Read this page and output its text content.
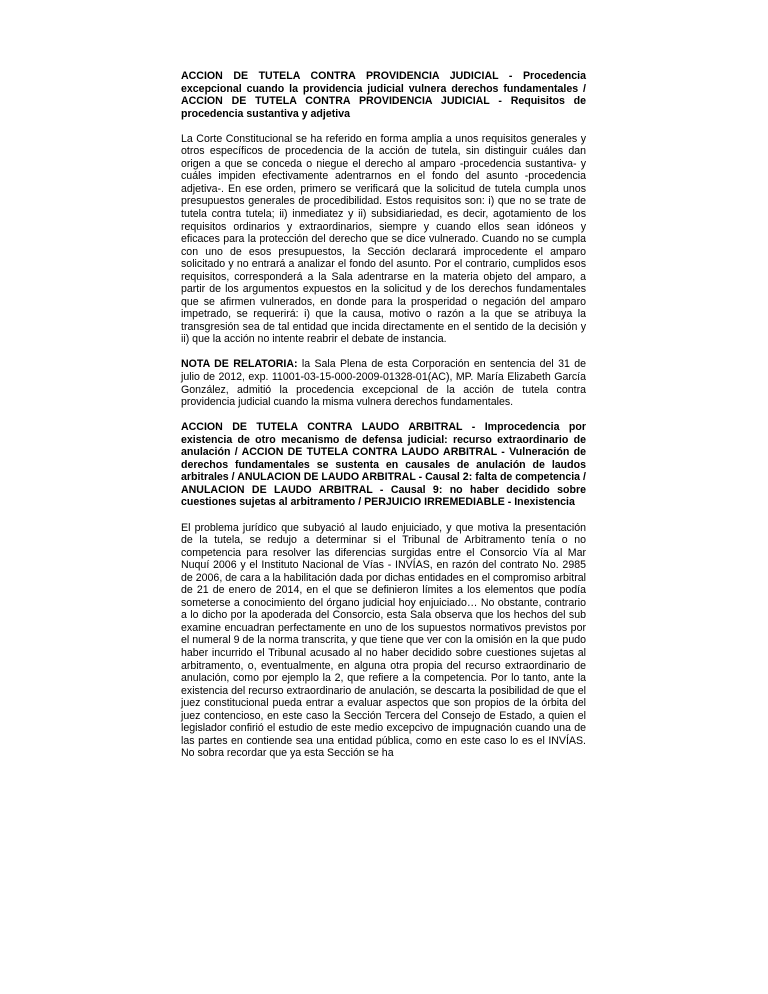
ACCION DE TUTELA CONTRA PROVIDENCIA JUDICIAL - Procedencia excepcional cuando la providencia judicial vulnera derechos fundamentales / ACCION DE TUTELA CONTRA PROVIDENCIA JUDICIAL - Requisitos de procedencia sustantiva y adjetiva

La Corte Constitucional se ha referido en forma amplia a unos requisitos generales y otros específicos de procedencia de la acción de tutela, sin distinguir cuáles dan origen a que se conceda o niegue el derecho al amparo -procedencia sustantiva- y cuáles impiden efectivamente adentrarnos en el fondo del asunto -procedencia adjetiva-. En ese orden, primero se verificará que la solicitud de tutela cumpla unos presupuestos generales de procedibilidad. Estos requisitos son: i) que no se trate de tutela contra tutela; ii) inmediatez y ii) subsidiariedad, es decir, agotamiento de los requisitos ordinarios y extraordinarios, siempre y cuando ellos sean idóneos y eficaces para la protección del derecho que se dice vulnerado. Cuando no se cumpla con uno de esos presupuestos, la Sección declarará improcedente el amparo solicitado y no entrará a analizar el fondo del asunto. Por el contrario, cumplidos esos requisitos, corresponderá a la Sala adentrarse en la materia objeto del amparo, a partir de los argumentos expuestos en la solicitud y de los derechos fundamentales que se afirmen vulnerados, en donde para la prosperidad o negación del amparo impetrado, se requerirá: i) que la causa, motivo o razón a la que se atribuya la transgresión sea de tal entidad que incida directamente en el sentido de la decisión y ii) que la acción no intente reabrir el debate de instancia.

NOTA DE RELATORIA: la Sala Plena de esta Corporación en sentencia del 31 de julio de 2012, exp. 11001-03-15-000-2009-01328-01(AC), MP. María Elizabeth García González, admitió la procedencia excepcional de la acción de tutela contra providencia judicial cuando la misma vulnera derechos fundamentales.

ACCION DE TUTELA CONTRA LAUDO ARBITRAL - Improcedencia por existencia de otro mecanismo de defensa judicial: recurso extraordinario de anulación / ACCION DE TUTELA CONTRA LAUDO ARBITRAL - Vulneración de derechos fundamentales se sustenta en causales de anulación de laudos arbitrales / ANULACION DE LAUDO ARBITRAL - Causal 2: falta de competencia / ANULACION DE LAUDO ARBITRAL - Causal 9: no haber decidido sobre cuestiones sujetas al arbitramento / PERJUICIO IRREMEDIABLE - Inexistencia

El problema jurídico que subyació al laudo enjuiciado, y que motiva la presentación de la tutela, se redujo a determinar si el Tribunal de Arbitramento tenía o no competencia para resolver las diferencias surgidas entre el Consorcio Vía al Mar Nuquí 2006 y el Instituto Nacional de Vías - INVÍAS, en razón del contrato No. 2985 de 2006, de cara a la habilitación dada por dichas entidades en el compromiso arbitral de 21 de enero de 2014, en el que se definieron límites a los elementos que podía someterse a conocimiento del órgano judicial hoy enjuiciado… No obstante, contrario a lo dicho por la apoderada del Consorcio, esta Sala observa que los hechos del sub examine encuadran perfectamente en uno de los supuestos normativos previstos por el numeral 9 de la norma transcrita, y que tiene que ver con la omisión en la que pudo haber incurrido el Tribunal acusado al no haber decidido sobre cuestiones sujetas al arbitramento, o, eventualmente, en alguna otra propia del recurso extraordinario de anulación, como por ejemplo la 2, que refiere a la competencia. Por lo tanto, ante la existencia del recurso extraordinario de anulación, se descarta la posibilidad de que el juez constitucional pueda entrar a evaluar aspectos que son propios de la órbita del juez contencioso, en este caso la Sección Tercera del Consejo de Estado, a quien el legislador confirió el estudio de este medio excepcivo de impugnación cuando una de las partes en contiende sea una entidad pública, como en este caso lo es el INVÍAS. No sobra recordar que ya esta Sección se ha
